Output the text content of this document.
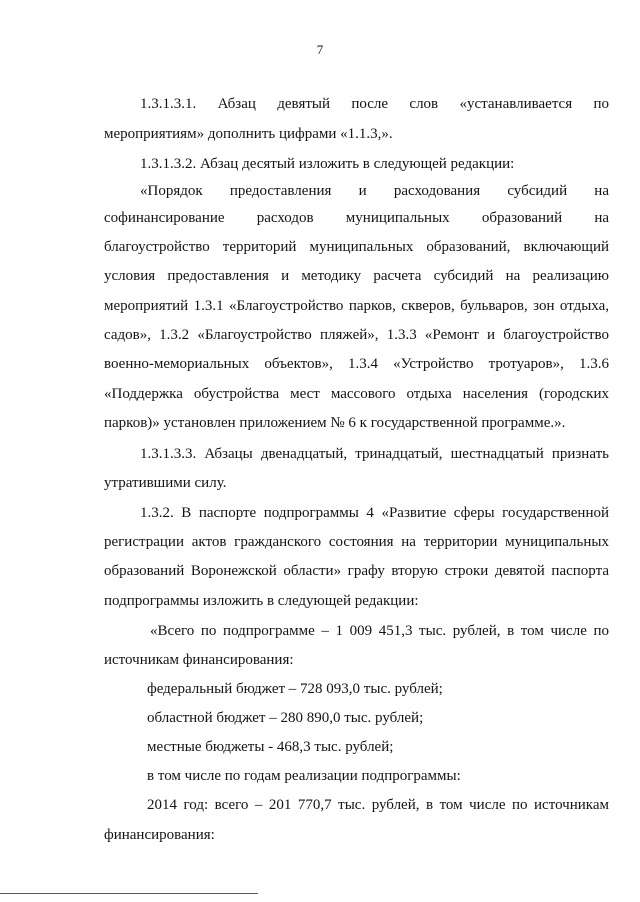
7
1.3.1.3.1. Абзац девятый после слов «устанавливается по
мероприятиям» дополнить цифрами «1.1.3,».
1.3.1.3.2. Абзац десятый изложить в следующей редакции:
«Порядок предоставления и расходования субсидий на
софинансирование расходов муниципальных образований на
благоустройство территорий муниципальных образований, включающий
условия предоставления и методику расчета субсидий на реализацию
мероприятий 1.3.1 «Благоустройство парков, скверов, бульваров, зон отдыха,
садов», 1.3.2 «Благоустройство пляжей», 1.3.3 «Ремонт и благоустройство
военно-мемориальных объектов», 1.3.4 «Устройство тротуаров», 1.3.6
«Поддержка обустройства мест массового отдыха населения (городских
парков)» установлен приложением № 6 к государственной программе.».
1.3.1.3.3. Абзацы двенадцатый, тринадцатый, шестнадцатый признать
утратившими силу.
1.3.2. В паспорте подпрограммы 4 «Развитие сферы государственной
регистрации актов гражданского состояния на территории муниципальных
образований Воронежской области» графу вторую строки девятой паспорта
подпрограммы изложить в следующей редакции:
«Всего по подпрограмме – 1 009 451,3 тыс. рублей, в том числе по
источникам финансирования:
федеральный бюджет – 728 093,0 тыс. рублей;
областной бюджет – 280 890,0 тыс. рублей;
местные бюджеты - 468,3 тыс. рублей;
в том числе по годам реализации подпрограммы:
2014 год: всего – 201 770,7 тыс. рублей, в том числе по источникам
финансирования:
